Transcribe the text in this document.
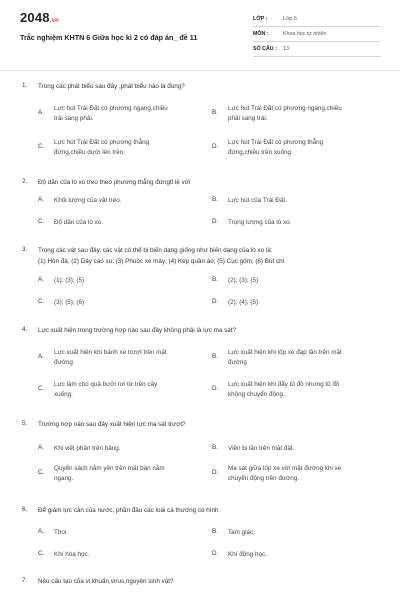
2048.vn
Trắc nghiệm KHTN 6 Giữa học kì 2 có đáp án_ đề 11
LỚP :	Lớp 6
MÔN :	Khoa học tự nhiên
SỐ CÂU : 13
1. Trong các phát biểu sau đây ,phát biểu nào là đúng?
A.
Lực hút Trái Đất có phương ngang,chiều
trái sang phải.
B.
Lực hút Trái Đất có phương ngang,chiều
phải sang trái.
C.
Lực hút Trái Đất có phương thẳng
đứng,chiều dưới lên trên.
D.
Lực hút Trái Đất có phương thẳng
đứng,chiều trên xuống.
2. Độ dãn của lò xo treo theo phương thẳng đứngtỉ lệ với
A. Khối lượng của vật treo.	B. Lực hút của Trái Đất.
C. Độ dãn của lò xo.	D. Trọng lượng của lò xo.
3. Trong các vật sau đây, các vật có thể bị biến dạng giống như biến dạng của lò xo là:
(1) Hòn đá; (2) Dây cao su; (3) Phuộc xe máy; (4) Kẹp quần áo; (5) Cục gôm; (6) Bút chì
A. (1); (3); (5)	B. (2); (3); (5)
C. (3); (5); (6)	D. (2); (4); (5)
4. Lực xuất hiện trong trường hợp nào sau đây không phải là lực ma sát?
A.
Lực xuất hiện khi bánh xe trượt trên mặt
đường
B.
Lực xuất hiện khi lốp xe đạp lăn trên mặt
đường
C.
Lực làm cho quả bưởi rơi từ trên cây
xuống.
D.
Lực xuất hiện khi đẩy tủ đồ nhưng tủ đồ
không chuyển động.
5. Trường hợp nào sau đây xuất hiện lực ma sát trượt?
A. Khi viết phấn trên bảng.	B. Viên bi lăn trên mặt đất.
C.
Quyển sách nằm yên trên mặt bàn nằm
ngang.
D.
Ma sát giữa lốp xe với mặt đường khi xe
chuyển động trên đường.
6. Để giảm lực cản của nước, phần đầu các loài cá thường có hình
A. Thoi.	B. Tam giác.
C. Khí hóa học.	D. Khí động học.
7. Nêu cấu tạo của vi khuẩn,virus,nguyên sinh vật?
